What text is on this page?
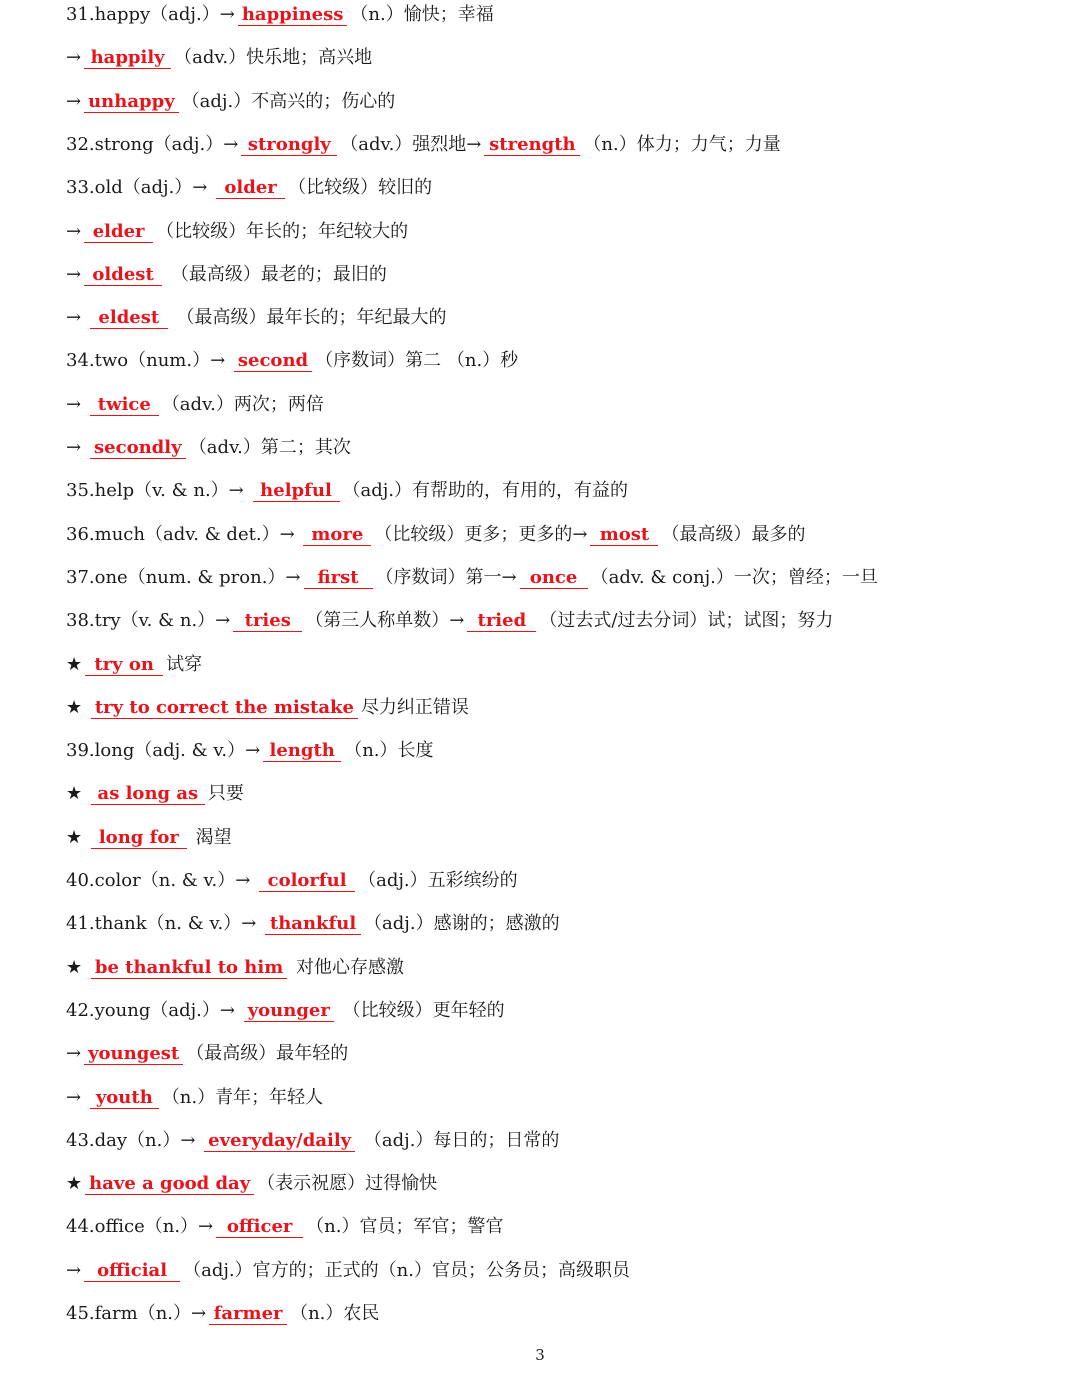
31.happy（adj.）→ happiness （n.）愉快；幸福
→ happily （adv.）快乐地；高兴地
→ unhappy （adj.）不高兴的；伤心的
32.strong（adj.）→ strongly （adv.）强烈地→ strength （n.）体力；力气；力量
33.old（adj.）→ older （比较级）较旧的
→ elder （比较级）年长的；年纪较大的
→ oldest （最高级）最老的；最旧的
→ eldest （最高级）最年长的；年纪最大的
34.two（num.）→ second （序数词）第二 （n.）秒
→ twice （adv.）两次；两倍
→ secondly （adv.）第二；其次
35.help（v. & n.）→ helpful （adj.）有帮助的，有用的，有益的
36.much（adv. & det.）→ more （比较级）更多；更多的→ most （最高级）最多的
37.one（num. & pron.）→ first （序数词）第一→ once （adv. & conj.）一次；曾经；一旦
38.try（v. & n.）→ tries （第三人称单数）→ tried （过去式/过去分词）试；试图；努力
★ try on 试穿
★ try to correct the mistake 尽力纠正错误
39.long（adj. & v.）→ length （n.）长度
★ as long as 只要
★ long for 渴望
40.color（n. & v.）→ colorful （adj.）五彩缤纷的
41.thank（n. & v.）→ thankful （adj.）感谢的；感激的
★ be thankful to him 对他心存感激
42.young（adj.）→ younger （比较级）更年轻的
→ youngest （最高级）最年轻的
→ youth （n.）青年；年轻人
43.day（n.）→ everyday/daily （adj.）每日的；日常的
★ have a good day （表示祝愿）过得愉快
44.office（n.）→ officer （n.）官员；军官；警官
→ official （adj.）官方的；正式的（n.）官员；公务员；高级职员
45.farm（n.）→ farmer （n.）农民
3
